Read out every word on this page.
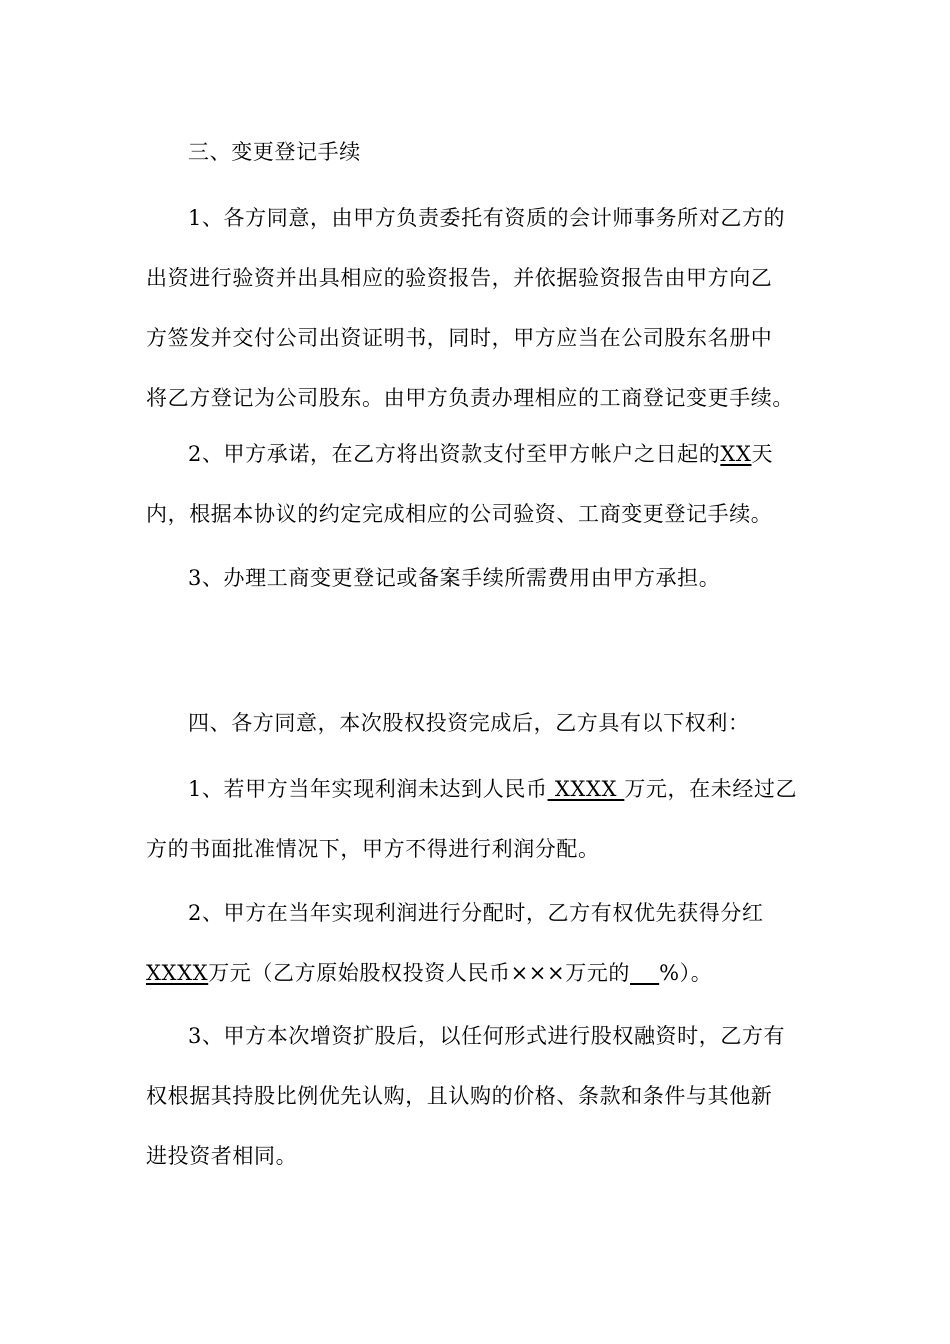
三、变更登记手续

1、各方同意，由甲方负责委托有资质的会计师事务所对乙方的
出资进行验资并出具相应的验资报告，并依据验资报告由甲方向乙
方签发并交付公司出资证明书，同时，甲方应当在公司股东名册中
将乙方登记为公司股东。由甲方负责办理相应的工商登记变更手续。

2、甲方承诺，在乙方将出资款支付至甲方帐户之日起的XX天
内，根据本协议的约定完成相应的公司验资、工商变更登记手续。

3、办理工商变更登记或备案手续所需费用由甲方承担。

四、各方同意，本次股权投资完成后，乙方具有以下权利：

1、若甲方当年实现利润未达到人民币 XXXX 万元，在未经过乙
方的书面批准情况下，甲方不得进行利润分配。

2、甲方在当年实现利润进行分配时，乙方有权优先获得分红
XXXX万元（乙方原始股权投资人民币×××万元的 %）。

3、甲方本次增资扩股后，以任何形式进行股权融资时，乙方有
权根据其持股比例优先认购，且认购的价格、条款和条件与其他新
进投资者相同。
